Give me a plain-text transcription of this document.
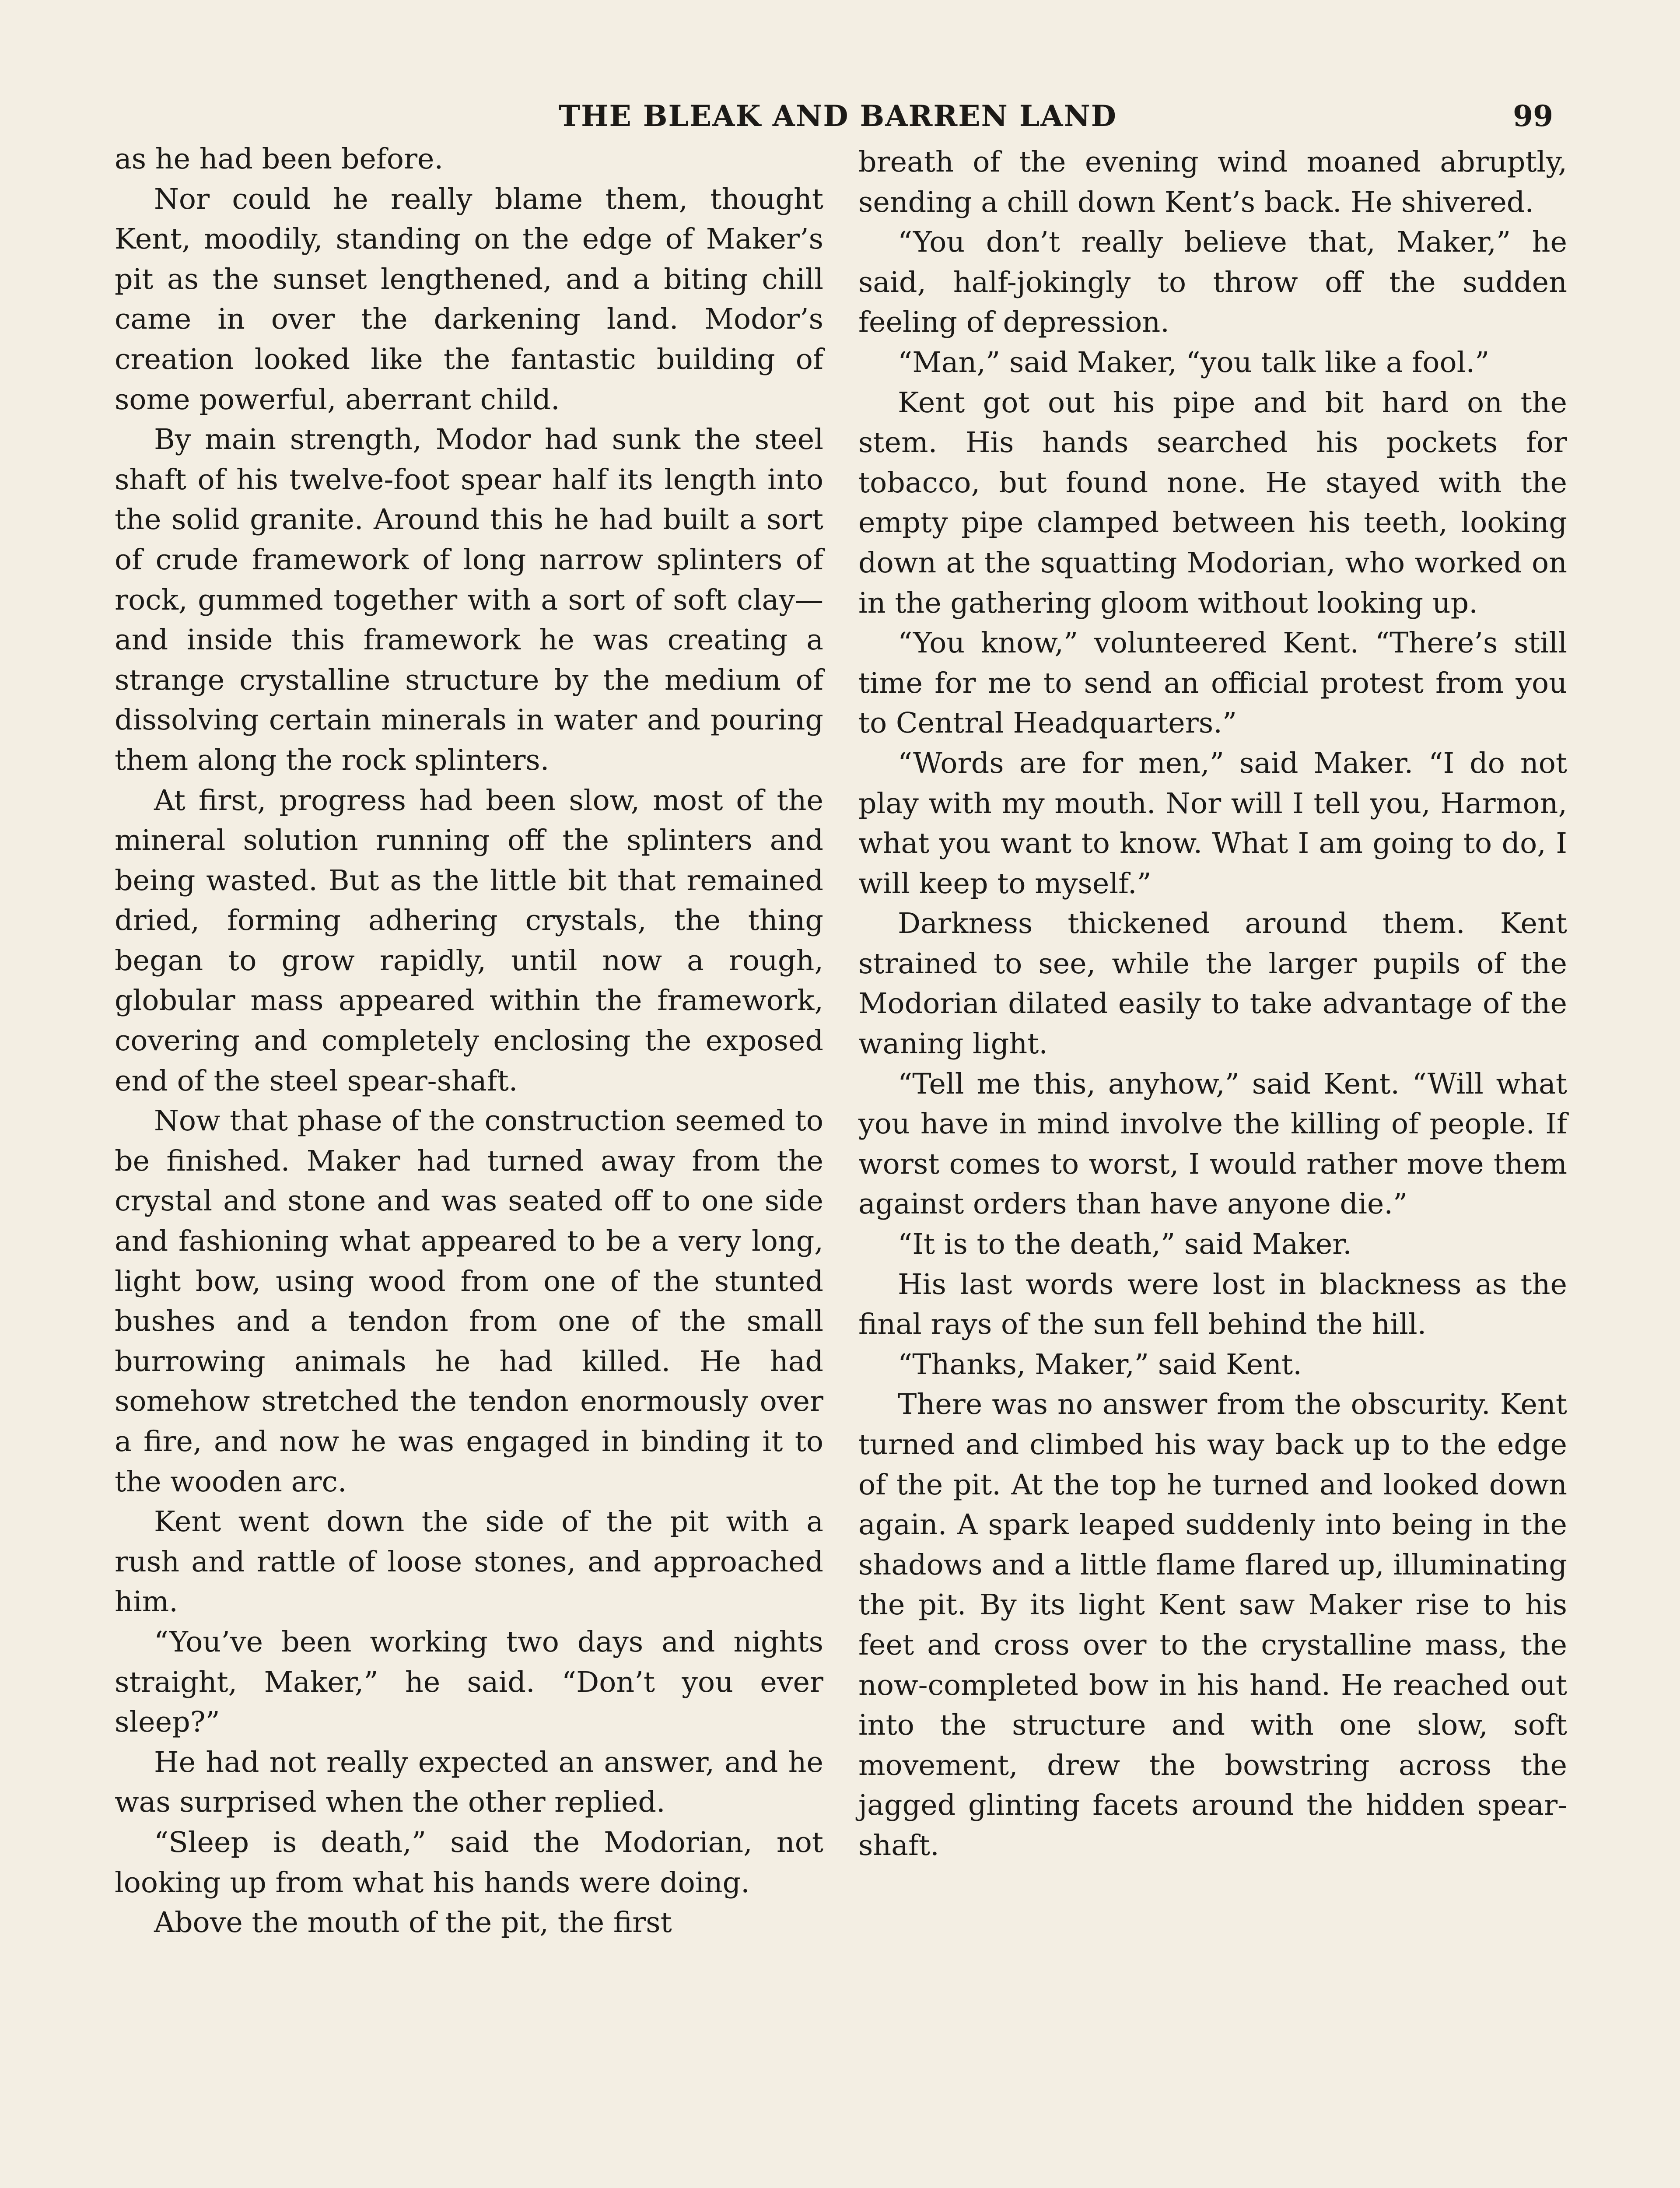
THE BLEAK AND BARREN LAND	99

as he had been before.

Nor could he really blame them, thought Kent, moodily, standing on the edge of Maker’s pit as the sunset lengthened, and a biting chill came in over the darkening land. Modor’s creation looked like the fantastic building of some powerful, aberrant child.

By main strength, Modor had sunk the steel shaft of his twelve-foot spear half its length into the solid granite. Around this he had built a sort of crude framework of long narrow splinters of rock, gummed together with a sort of soft clay—and inside this framework he was creating a strange crystalline structure by the medium of dissolving certain minerals in water and pouring them along the rock splinters.

At first, progress had been slow, most of the mineral solution running off the splinters and being wasted. But as the little bit that remained dried, forming adhering crystals, the thing began to grow rapidly, until now a rough, globular mass appeared within the framework, covering and completely enclosing the exposed end of the steel spear-shaft.

Now that phase of the construction seemed to be finished. Maker had turned away from the crystal and stone and was seated off to one side and fashioning what appeared to be a very long, light bow, using wood from one of the stunted bushes and a tendon from one of the small burrowing animals he had killed. He had somehow stretched the tendon enormously over a fire, and now he was engaged in binding it to the wooden arc.

Kent went down the side of the pit with a rush and rattle of loose stones, and approached him.

“You’ve been working two days and nights straight, Maker,” he said. “Don’t you ever sleep?”

He had not really expected an answer, and he was surprised when the other replied.

“Sleep is death,” said the Modorian, not looking up from what his hands were doing.

Above the mouth of the pit, the first

breath of the evening wind moaned abruptly, sending a chill down Kent’s back. He shivered.

“You don’t really believe that, Maker,” he said, half-jokingly to throw off the sudden feeling of depression.

“Man,” said Maker, “you talk like a fool.”

Kent got out his pipe and bit hard on the stem. His hands searched his pockets for tobacco, but found none. He stayed with the empty pipe clamped between his teeth, looking down at the squatting Modorian, who worked on in the gathering gloom without looking up.

“You know,” volunteered Kent. “There’s still time for me to send an official protest from you to Central Headquarters.”

“Words are for men,” said Maker. “I do not play with my mouth. Nor will I tell you, Harmon, what you want to know. What I am going to do, I will keep to myself.”

Darkness thickened around them. Kent strained to see, while the larger pupils of the Modorian dilated easily to take advantage of the waning light.

“Tell me this, anyhow,” said Kent. “Will what you have in mind involve the killing of people. If worst comes to worst, I would rather move them against orders than have anyone die.”

“It is to the death,” said Maker.

His last words were lost in blackness as the final rays of the sun fell behind the hill.

“Thanks, Maker,” said Kent.

There was no answer from the obscurity. Kent turned and climbed his way back up to the edge of the pit. At the top he turned and looked down again. A spark leaped suddenly into being in the shadows and a little flame flared up, illuminating the pit. By its light Kent saw Maker rise to his feet and cross over to the crystalline mass, the now-completed bow in his hand. He reached out into the structure and with one slow, soft movement, drew the bowstring across the jagged glinting facets around the hidden spear-shaft.
